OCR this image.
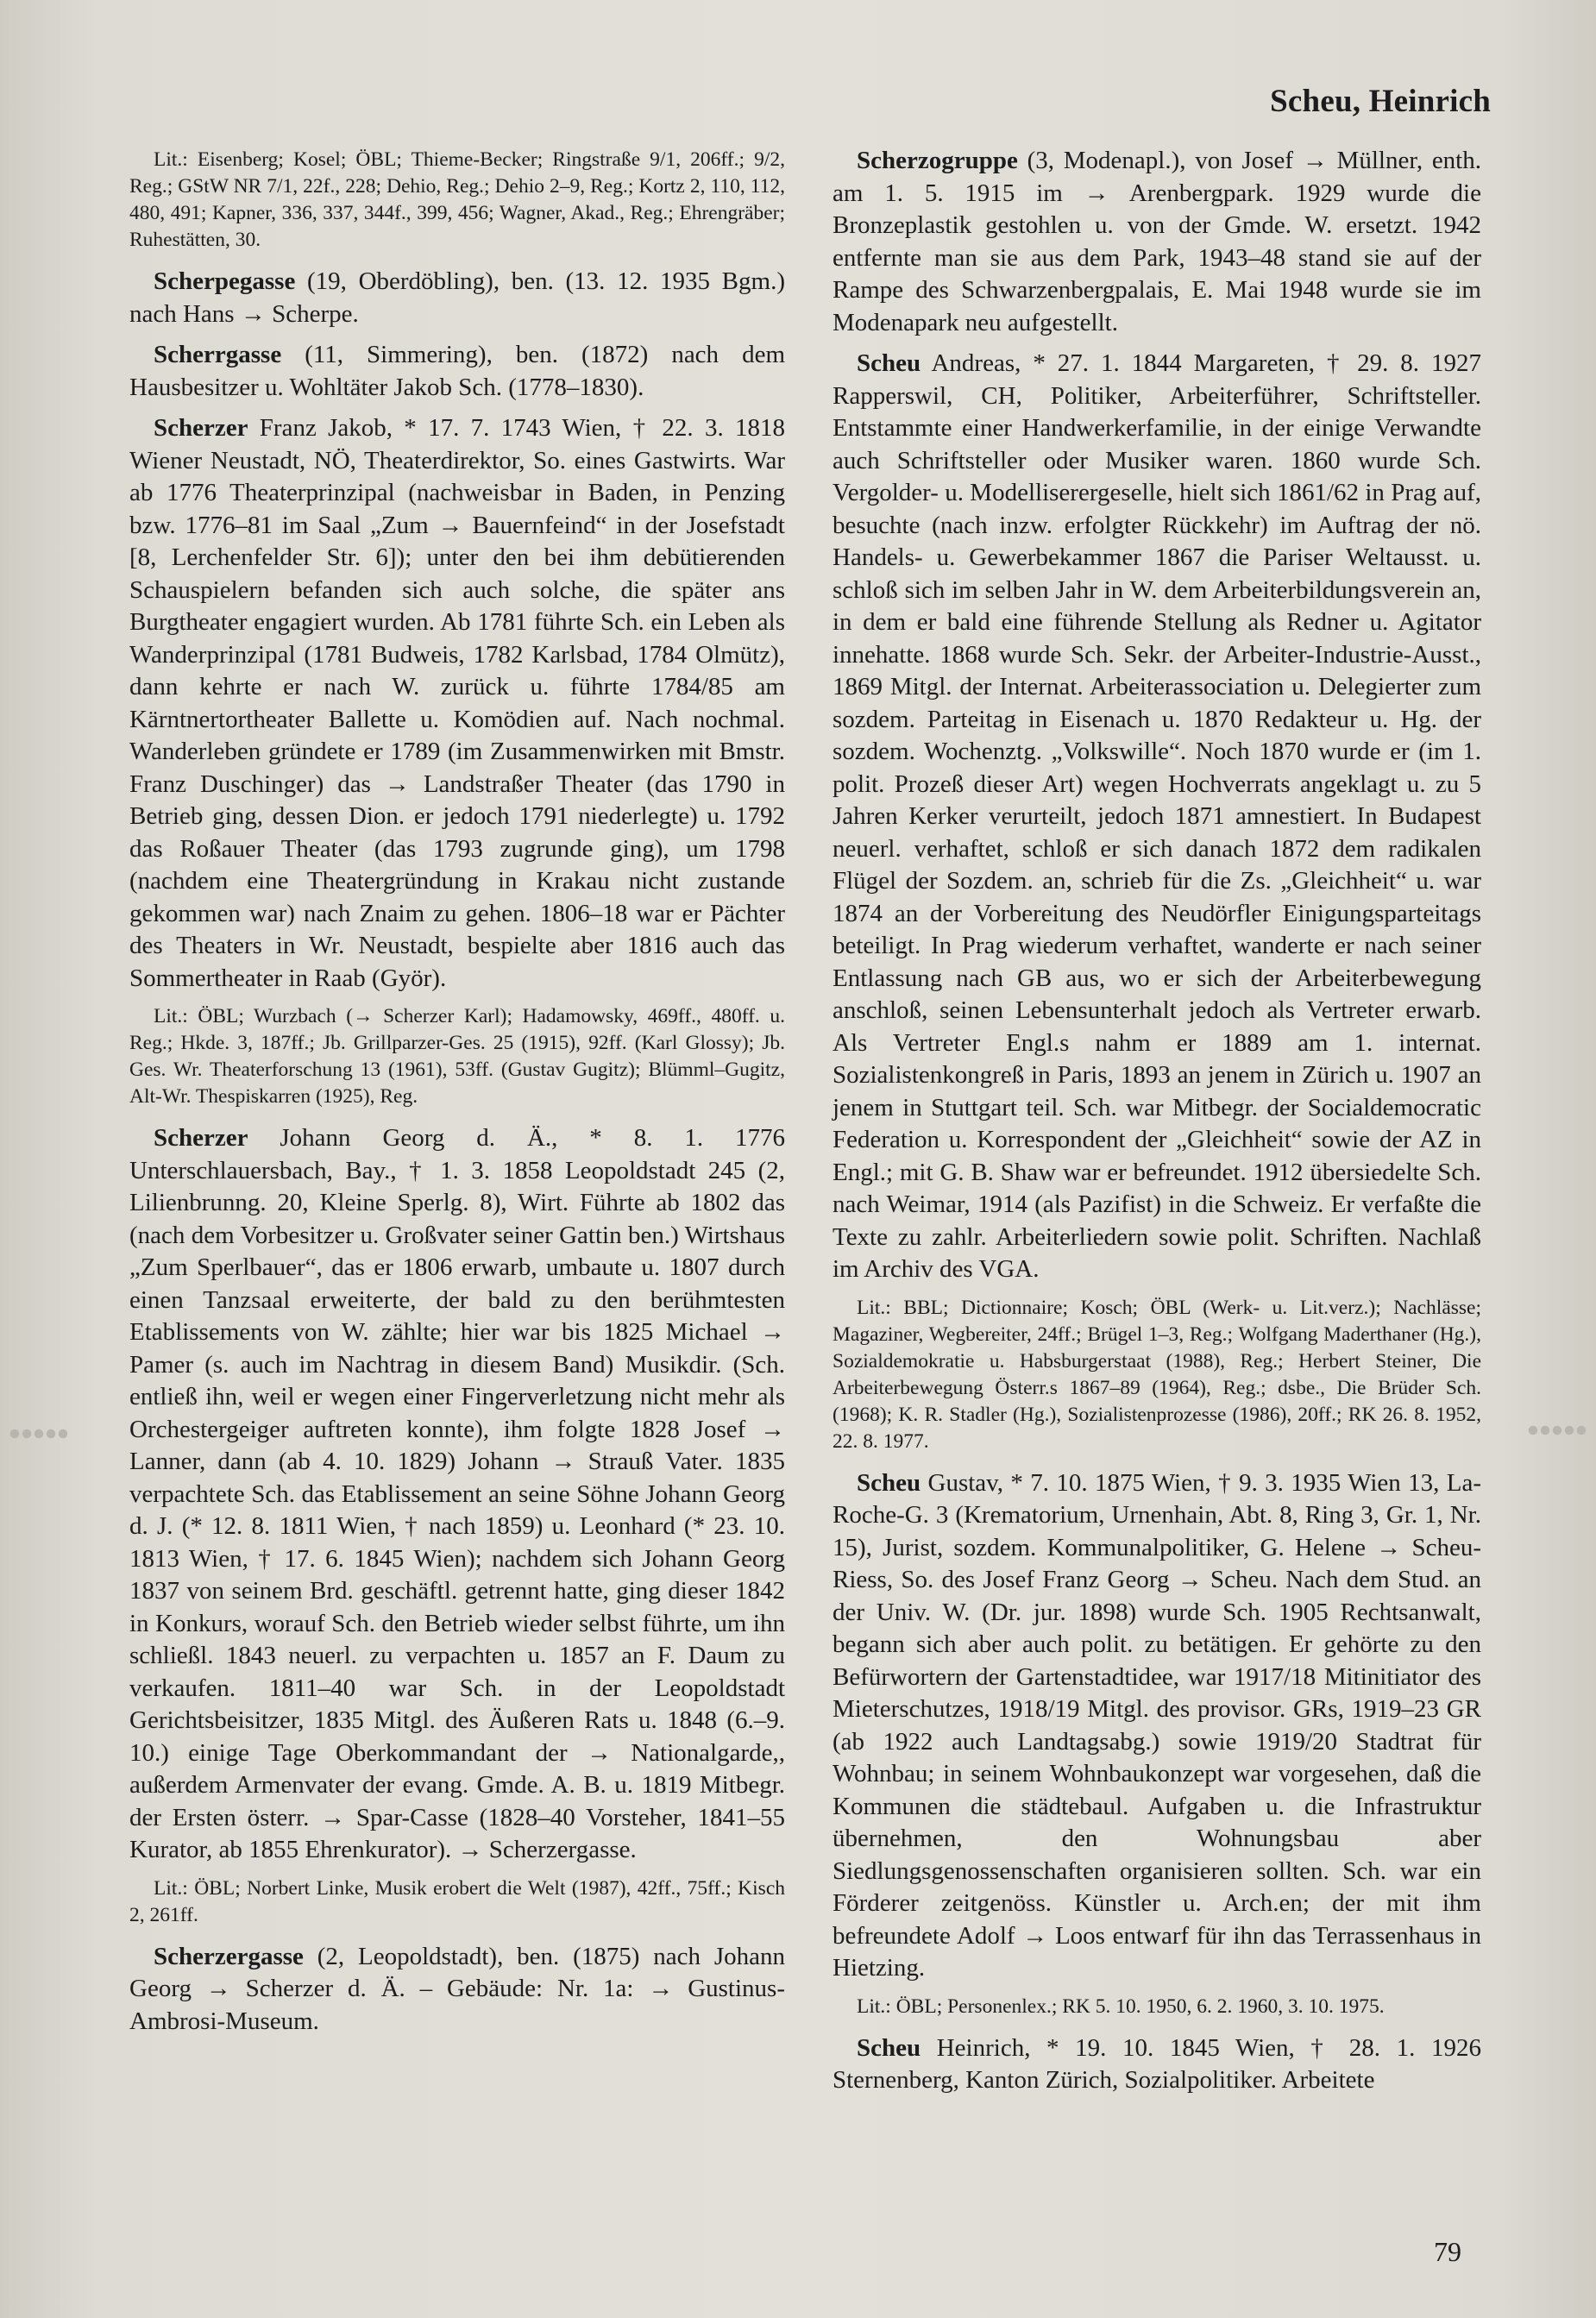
Scheu, Heinrich

Lit.: Eisenberg; Kosel; ÖBL; Thieme-Becker; Ringstraße 9/1, 206ff.; 9/2, Reg.; GStW NR 7/1, 22f., 228; Dehio, Reg.; Dehio 2–9, Reg.; Kortz 2, 110, 112, 480, 491; Kapner, 336, 337, 344f., 399, 456; Wagner, Akad., Reg.; Ehrengräber; Ruhestätten, 30.

Scherpegasse (19, Oberdöbling), ben. (13. 12. 1935 Bgm.) nach Hans → Scherpe.

Scherrgasse (11, Simmering), ben. (1872) nach dem Hausbesitzer u. Wohltäter Jakob Sch. (1778–1830).

Scherzer Franz Jakob, * 17. 7. 1743 Wien, † 22. 3. 1818 Wiener Neustadt, NÖ, Theaterdirektor, So. eines Gastwirts. War ab 1776 Theaterprinzipal (nachweisbar in Baden, in Penzing bzw. 1776–81 im Saal „Zum → Bauernfeind“ in der Josefstadt [8, Lerchenfelder Str. 6]); unter den bei ihm debütierenden Schauspielern befanden sich auch solche, die später ans Burgtheater engagiert wurden. Ab 1781 führte Sch. ein Leben als Wanderprinzipal (1781 Budweis, 1782 Karlsbad, 1784 Olmütz), dann kehrte er nach W. zurück u. führte 1784/85 am Kärntnertortheater Ballette u. Komödien auf. Nach nochmal. Wanderleben gründete er 1789 (im Zusammenwirken mit Bmstr. Franz Duschinger) das → Landstraßer Theater (das 1790 in Betrieb ging, dessen Dion. er jedoch 1791 niederlegte) u. 1792 das Roßauer Theater (das 1793 zugrunde ging), um 1798 (nachdem eine Theatergründung in Krakau nicht zustande gekommen war) nach Znaim zu gehen. 1806–18 war er Pächter des Theaters in Wr. Neustadt, bespielte aber 1816 auch das Sommertheater in Raab (Györ).

Lit.: ÖBL; Wurzbach (→ Scherzer Karl); Hadamowsky, 469ff., 480ff. u. Reg.; Hkde. 3, 187ff.; Jb. Grillparzer-Ges. 25 (1915), 92ff. (Karl Glossy); Jb. Ges. Wr. Theaterforschung 13 (1961), 53ff. (Gustav Gugitz); Blümml–Gugitz, Alt-Wr. Thespiskarren (1925), Reg.

Scherzer Johann Georg d. Ä., * 8. 1. 1776 Unterschlauersbach, Bay., † 1. 3. 1858 Leopoldstadt 245 (2, Lilienbrunng. 20, Kleine Sperlg. 8), Wirt. Führte ab 1802 das (nach dem Vorbesitzer u. Großvater seiner Gattin ben.) Wirtshaus „Zum Sperlbauer“, das er 1806 erwarb, umbaute u. 1807 durch einen Tanzsaal erweiterte, der bald zu den berühmtesten Etablissements von W. zählte; hier war bis 1825 Michael → Pamer (s. auch im Nachtrag in diesem Band) Musikdir. (Sch. entließ ihn, weil er wegen einer Fingerverletzung nicht mehr als Orchestergeiger auftreten konnte), ihm folgte 1828 Josef → Lanner, dann (ab 4. 10. 1829) Johann → Strauß Vater. 1835 verpachtete Sch. das Etablissement an seine Söhne Johann Georg d. J. (* 12. 8. 1811 Wien, † nach 1859) u. Leonhard (* 23. 10. 1813 Wien, † 17. 6. 1845 Wien); nachdem sich Johann Georg 1837 von seinem Brd. geschäftl. getrennt hatte, ging dieser 1842 in Konkurs, worauf Sch. den Betrieb wieder selbst führte, um ihn schließl. 1843 neuerl. zu verpachten u. 1857 an F. Daum zu verkaufen. 1811–40 war Sch. in der Leopoldstadt Gerichtsbeisitzer, 1835 Mitgl. des Äußeren Rats u. 1848 (6.–9. 10.) einige Tage Oberkommandant der → Nationalgarde,, außerdem Armenvater der evang. Gmde. A. B. u. 1819 Mitbegr. der Ersten österr. → Spar-Casse (1828–40 Vorsteher, 1841–55 Kurator, ab 1855 Ehrenkurator). → Scherzergasse.

Lit.: ÖBL; Norbert Linke, Musik erobert die Welt (1987), 42ff., 75ff.; Kisch 2, 261ff.

Scherzergasse (2, Leopoldstadt), ben. (1875) nach Johann Georg → Scherzer d. Ä. – Gebäude: Nr. 1a: → Gustinus-Ambrosi-Museum.

Scherzogruppe (3, Modenapl.), von Josef → Müllner, enth. am 1. 5. 1915 im → Arenbergpark. 1929 wurde die Bronzeplastik gestohlen u. von der Gmde. W. ersetzt. 1942 entfernte man sie aus dem Park, 1943–48 stand sie auf der Rampe des Schwarzenbergpalais, E. Mai 1948 wurde sie im Modenapark neu aufgestellt.

Scheu Andreas, * 27. 1. 1844 Margareten, † 29. 8. 1927 Rapperswil, CH, Politiker, Arbeiterführer, Schriftsteller. Entstammte einer Handwerkerfamilie, in der einige Verwandte auch Schriftsteller oder Musiker waren. 1860 wurde Sch. Vergolder- u. Modelliserergeselle, hielt sich 1861/62 in Prag auf, besuchte (nach inzw. erfolgter Rückkehr) im Auftrag der nö. Handels- u. Gewerbekammer 1867 die Pariser Weltausst. u. schloß sich im selben Jahr in W. dem Arbeiterbildungsverein an, in dem er bald eine führende Stellung als Redner u. Agitator innehatte. 1868 wurde Sch. Sekr. der Arbeiter-Industrie-Ausst., 1869 Mitgl. der Internat. Arbeiterassociation u. Delegierter zum sozdem. Parteitag in Eisenach u. 1870 Redakteur u. Hg. der sozdem. Wochenztg. „Volkswille“. Noch 1870 wurde er (im 1. polit. Prozeß dieser Art) wegen Hochverrats angeklagt u. zu 5 Jahren Kerker verurteilt, jedoch 1871 amnestiert. In Budapest neuerl. verhaftet, schloß er sich danach 1872 dem radikalen Flügel der Sozdem. an, schrieb für die Zs. „Gleichheit“ u. war 1874 an der Vorbereitung des Neudörfler Einigungsparteitags beteiligt. In Prag wiederum verhaftet, wanderte er nach seiner Entlassung nach GB aus, wo er sich der Arbeiterbewegung anschloß, seinen Lebensunterhalt jedoch als Vertreter erwarb. Als Vertreter Engl.s nahm er 1889 am 1. internat. Sozialistenkongreß in Paris, 1893 an jenem in Zürich u. 1907 an jenem in Stuttgart teil. Sch. war Mitbegr. der Socialdemocratic Federation u. Korrespondent der „Gleichheit“ sowie der AZ in Engl.; mit G. B. Shaw war er befreundet. 1912 übersiedelte Sch. nach Weimar, 1914 (als Pazifist) in die Schweiz. Er verfaßte die Texte zu zahlr. Arbeiterliedern sowie polit. Schriften. Nachlaß im Archiv des VGA.

Lit.: BBL; Dictionnaire; Kosch; ÖBL (Werk- u. Lit.verz.); Nachlässe; Magaziner, Wegbereiter, 24ff.; Brügel 1–3, Reg.; Wolfgang Maderthaner (Hg.), Sozialdemokratie u. Habsburgerstaat (1988), Reg.; Herbert Steiner, Die Arbeiterbewegung Österr.s 1867–89 (1964), Reg.; dsbe., Die Brüder Sch. (1968); K. R. Stadler (Hg.), Sozialistenprozesse (1986), 20ff.; RK 26. 8. 1952, 22. 8. 1977.

Scheu Gustav, * 7. 10. 1875 Wien, † 9. 3. 1935 Wien 13, La-Roche-G. 3 (Krematorium, Urnenhain, Abt. 8, Ring 3, Gr. 1, Nr. 15), Jurist, sozdem. Kommunalpolitiker, G. Helene → Scheu-Riess, So. des Josef Franz Georg → Scheu. Nach dem Stud. an der Univ. W. (Dr. jur. 1898) wurde Sch. 1905 Rechtsanwalt, begann sich aber auch polit. zu betätigen. Er gehörte zu den Befürwortern der Gartenstadtidee, war 1917/18 Mitinitiator des Mieterschutzes, 1918/19 Mitgl. des provisor. GRs, 1919–23 GR (ab 1922 auch Landtagsabg.) sowie 1919/20 Stadtrat für Wohnbau; in seinem Wohnbaukonzept war vorgesehen, daß die Kommunen die städtebaul. Aufgaben u. die Infrastruktur übernehmen, den Wohnungsbau aber Siedlungsgenossenschaften organisieren sollten. Sch. war ein Förderer zeitgenöss. Künstler u. Arch.en; der mit ihm befreundete Adolf → Loos entwarf für ihn das Terrassenhaus in Hietzing.

Lit.: ÖBL; Personenlex.; RK 5. 10. 1950, 6. 2. 1960, 3. 10. 1975.

Scheu Heinrich, * 19. 10. 1845 Wien, † 28. 1. 1926 Sternenberg, Kanton Zürich, Sozialpolitiker. Arbeitete

79
